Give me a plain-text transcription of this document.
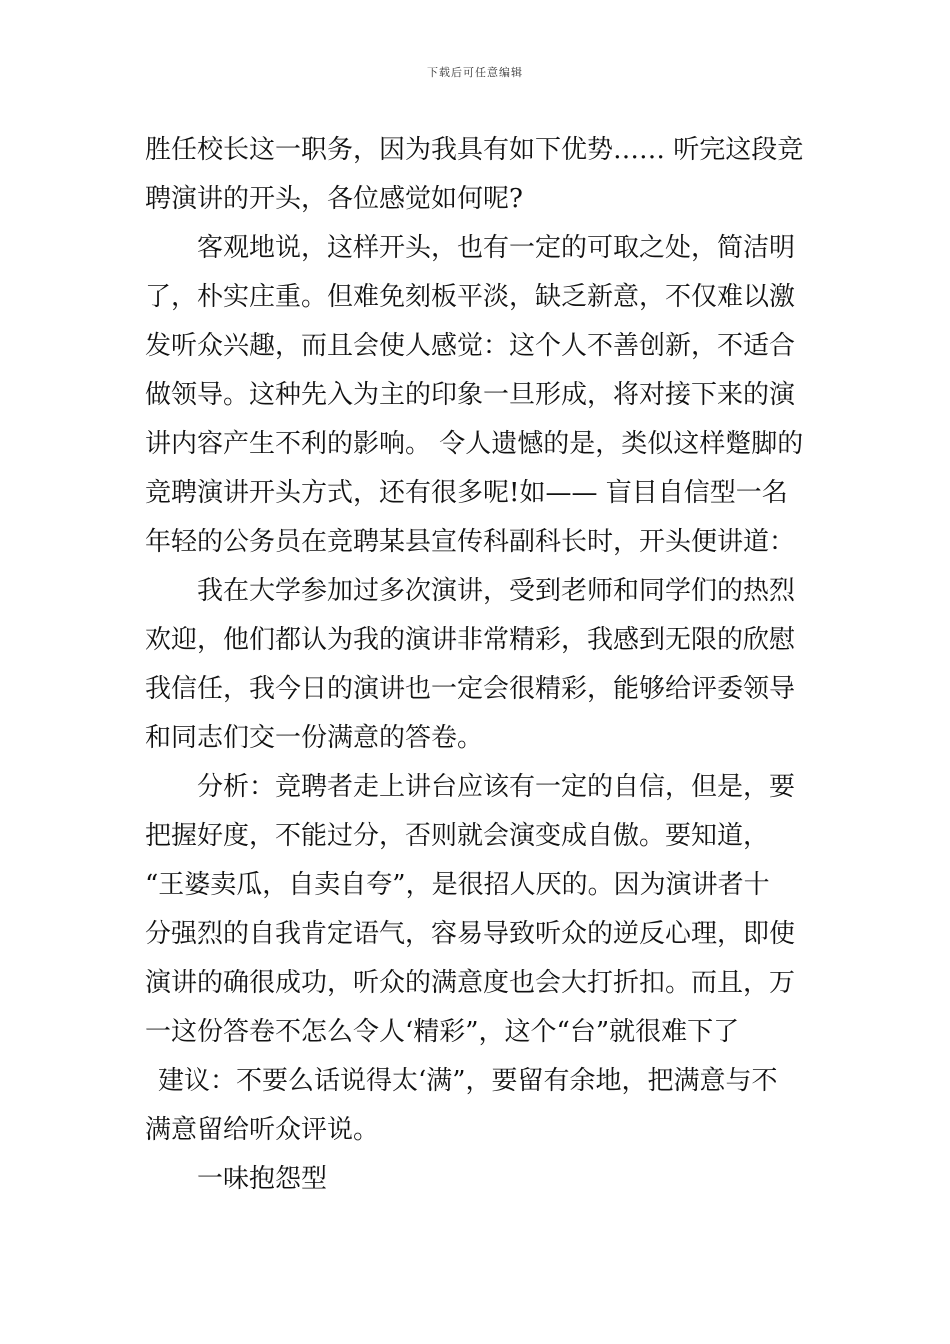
下载后可任意编辑
胜任校长这一职务，因为我具有如下优势…… 听完这段竞
聘演讲的开头，各位感觉如何呢?
客观地说，这样开头，也有一定的可取之处，简洁明
了，朴实庄重。但难免刻板平淡，缺乏新意，不仅难以激
发听众兴趣，而且会使人感觉：这个人不善创新，不适合
做领导。这种先入为主的印象一旦形成，将对接下来的演
讲内容产生不利的影响。 令人遗憾的是，类似这样蹩脚的
竞聘演讲开头方式，还有很多呢!如—— 盲目自信型一名
年轻的公务员在竞聘某县宣传科副科长时，开头便讲道：
我在大学参加过多次演讲，受到老师和同学们的热烈
欢迎，他们都认为我的演讲非常精彩，我感到无限的欣慰
我信任，我今日的演讲也一定会很精彩，能够给评委领导
和同志们交一份满意的答卷。
分析：竞聘者走上讲台应该有一定的自信，但是，要
把握好度，不能过分，否则就会演变成自傲。要知道，
“王婆卖瓜，自卖自夸”，是很招人厌的。因为演讲者十
分强烈的自我肯定语气，容易导致听众的逆反心理，即使
演讲的确很成功，听众的满意度也会大打折扣。而且，万
一这份答卷不怎么令人‘精彩”，这个“台”就很难下了
建议：不要么话说得太‘满”，要留有余地，把满意与不
满意留给听众评说。
一味抱怨型
